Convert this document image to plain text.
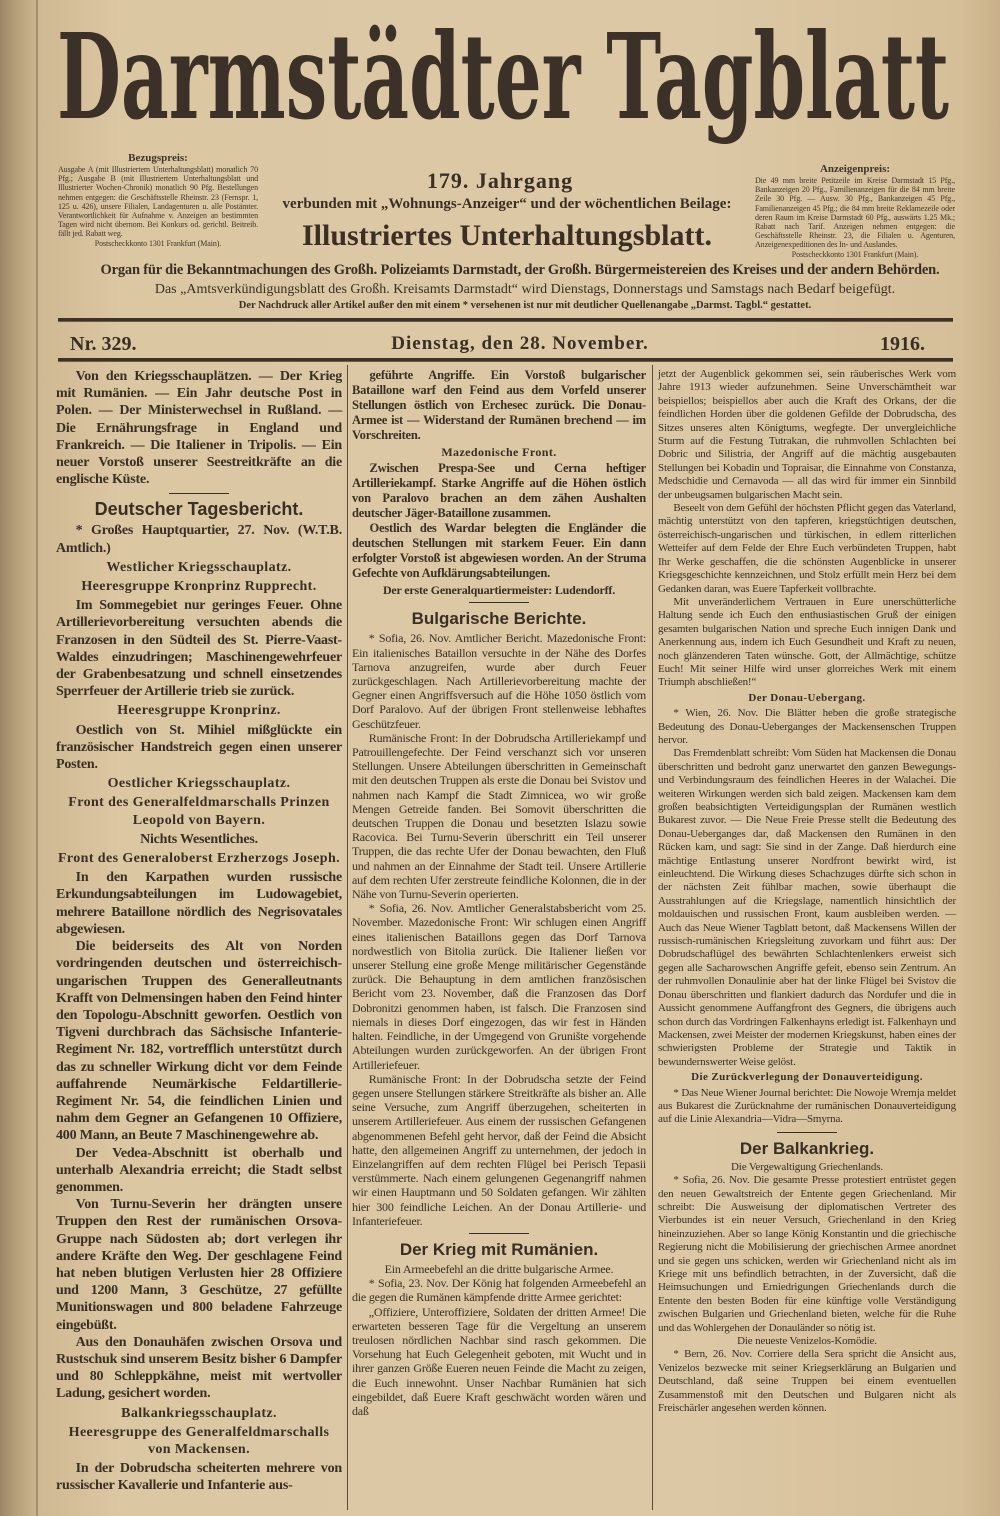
Darmstädter Tagblatt
Bezugspreis:
Ausgabe A (mit Illustriertem Unterhaltungsblatt) monatlich 70 Pfg.; Ausgabe B (mit Illustriertem Unterhaltungsblatt und Illustrierter Wochen-Chronik) monatlich 90 Pfg. Bestellungen nehmen entgegen: die Geschäftsstelle Rheinstr. 23 (Fernspr. 1, 125 u. 426), unsere Filialen, Landagenturen u. alle Postämter. Verantwortlichkeit für Aufnahme v. Anzeigen an bestimmten Tagen wird nicht übernom. Bei Konkurs od. gerichtl. Beitreib. fällt jed. Rabatt weg.
Postscheckkonto 1301 Frankfurt (Main).
Anzeigenpreis:
Die 49 mm breite Petitzeile im Kreise Darmstadt 15 Pfg., Bankanzeigen 20 Pfg., Familienanzeigen für die 84 mm breite Zeile 30 Pfg. — Ausw. 30 Pfg., Bankanzeigen 45 Pfg., Familienanzeigen 45 Pfg.; die 84 mm breite Reklamezeile oder deren Raum im Kreise Darmstadt 60 Pfg., auswärts 1.25 Mk.; Rabatt nach Tarif. Anzeigen nehmen entgegen: die Geschäftsstelle Rheinstr. 23, die Filialen u. Agenturen, Anzeigenexpeditionen des In- und Auslandes.
Postscheckkonto 1301 Frankfurt (Main).
179. Jahrgang
verbunden mit „Wohnungs-Anzeiger“ und der wöchentlichen Beilage:
Illustriertes Unterhaltungsblatt.
Organ für die Bekanntmachungen des Großh. Polizeiamts Darmstadt, der Großh. Bürgermeistereien des Kreises und der andern Behörden.
Das „Amtsverkündigungsblatt des Großh. Kreisamts Darmstadt“ wird Dienstags, Donnerstags und Samstags nach Bedarf beigefügt.
Der Nachdruck aller Artikel außer den mit einem * versehenen ist nur mit deutlicher Quellenangabe „Darmst. Tagbl.“ gestattet.
Nr. 329.	Dienstag, den 28. November.	1916.

Von den Kriegsschauplätzen. — Der Krieg mit Rumänien. — Ein Jahr deutsche Post in Polen. — Der Ministerwechsel in Rußland. — Die Ernährungsfrage in England und Frankreich. — Die Italiener in Tripolis. — Ein neuer Vorstoß unserer Seestreitkräfte an die englische Küste.

Deutscher Tagesbericht.

* Großes Hauptquartier, 27. Nov. (W.T.B. Amtlich.)

Westlicher Kriegsschauplatz.

Heeresgruppe Kronprinz Rupprecht.

Im Sommegebiet nur geringes Feuer. Ohne Artillerievorbereitung versuchten abends die Franzosen in den Südteil des St. Pierre-Vaast-Waldes einzudringen; Maschinengewehrfeuer der Grabenbesatzung und schnell einsetzendes Sperrfeuer der Artillerie trieb sie zurück.

Heeresgruppe Kronprinz.

Oestlich von St. Mihiel mißglückte ein französischer Handstreich gegen einen unserer Posten.

Oestlicher Kriegsschauplatz.

Front des Generalfeldmarschalls Prinzen Leopold von Bayern.

Nichts Wesentliches.

Front des Generaloberst Erzherzogs Joseph.

In den Karpathen wurden russische Erkundungsabteilungen im Ludowagebiet, mehrere Bataillone nördlich des Negrisovatales abgewiesen.

Die beiderseits des Alt von Norden vordringenden deutschen und österreichisch-ungarischen Truppen des Generalleutnants Krafft von Delmensingen haben den Feind hinter den Topologu-Abschnitt geworfen. Oestlich von Tigveni durchbrach das Sächsische Infanterie-Regiment Nr. 182, vortrefflich unterstützt durch das zu schneller Wirkung dicht vor dem Feinde auffahrende Neumärkische Feldartillerie-Regiment Nr. 54, die feindlichen Linien und nahm dem Gegner an Gefangenen 10 Offiziere, 400 Mann, an Beute 7 Maschinengewehre ab.

Der Vedea-Abschnitt ist oberhalb und unterhalb Alexandria erreicht; die Stadt selbst genommen.

Von Turnu-Severin her drängten unsere Truppen den Rest der rumänischen Orsova-Gruppe nach Südosten ab; dort verlegen ihr andere Kräfte den Weg. Der geschlagene Feind hat neben blutigen Verlusten hier 28 Offiziere und 1200 Mann, 3 Geschütze, 27 gefüllte Munitionswagen und 800 beladene Fahrzeuge eingebüßt.

Aus den Donauhäfen zwischen Orsova und Rustschuk sind unserem Besitz bisher 6 Dampfer und 80 Schleppkähne, meist mit wertvoller Ladung, gesichert worden.

Balkankriegsschauplatz.

Heeresgruppe des Generalfeldmarschalls von Mackensen.

In der Dobrudscha scheiterten mehrere von russischer Kavallerie und Infanterie aus-

geführte Angriffe. Ein Vorstoß bulgarischer Bataillone warf den Feind aus dem Vorfeld unserer Stellungen östlich von Erchesec zurück. Die Donau-Armee ist — Widerstand der Rumänen brechend — im Vorschreiten.

Mazedonische Front.

Zwischen Prespa-See und Cerna heftiger Artilleriekampf. Starke Angriffe auf die Höhen östlich von Paralovo brachen an dem zähen Aushalten deutscher Jäger-Bataillone zusammen.

Oestlich des Wardar belegten die Engländer die deutschen Stellungen mit starkem Feuer. Ein dann erfolgter Vorstoß ist abgewiesen worden. An der Struma Gefechte von Aufklärungsabteilungen.

Der erste Generalquartiermeister: Ludendorff.

Bulgarische Berichte.

* Sofia, 26. Nov. Amtlicher Bericht. Mazedonische Front: Ein italienisches Bataillon versuchte in der Nähe des Dorfes Tarnova anzugreifen, wurde aber durch Feuer zurückgeschlagen. Nach Artillerievorbereitung machte der Gegner einen Angriffsversuch auf die Höhe 1050 östlich vom Dorf Paralovo. Auf der übrigen Front stellenweise lebhaftes Geschützfeuer.

Rumänische Front: In der Dobrudscha Artilleriekampf und Patrouillengefechte. Der Feind verschanzt sich vor unseren Stellungen. Unsere Abteilungen überschritten in Gemeinschaft mit den deutschen Truppen als erste die Donau bei Svistov und nahmen nach Kampf die Stadt Zimnicea, wo wir große Mengen Getreide fanden. Bei Somovit überschritten die deutschen Truppen die Donau und besetzten Islazu sowie Racovica. Bei Turnu-Severin überschritt ein Teil unserer Truppen, die das rechte Ufer der Donau bewachten, den Fluß und nahmen an der Einnahme der Stadt teil. Unsere Artillerie auf dem rechten Ufer zerstreute feindliche Kolonnen, die in der Nähe von Turnu-Severin operierten.

* Sofia, 26. Nov. Amtlicher Generalstabsbericht vom 25. November. Mazedonische Front: Wir schlugen einen Angriff eines italienischen Bataillons gegen das Dorf Tarnova nordwestlich von Bitolia zurück. Die Italiener ließen vor unserer Stellung eine große Menge militärischer Gegenstände zurück. Die Behauptung in dem amtlichen französischen Bericht vom 23. November, daß die Franzosen das Dorf Dobronitzi genommen haben, ist falsch. Die Franzosen sind niemals in dieses Dorf eingezogen, das wir fest in Händen halten. Feindliche, in der Umgegend von Grunište vorgehende Abteilungen wurden zurückgeworfen. An der übrigen Front Artilleriefeuer.

Rumänische Front: In der Dobrudscha setzte der Feind gegen unsere Stellungen stärkere Streitkräfte als bisher an. Alle seine Versuche, zum Angriff überzugehen, scheiterten in unserem Artilleriefeuer. Aus einem der russischen Gefangenen abgenommenen Befehl geht hervor, daß der Feind die Absicht hatte, den allgemeinen Angriff zu unternehmen, der jedoch in Einzelangriffen auf dem rechten Flügel bei Perisch Tepasii verstümmerte. Nach einem gelungenen Gegenangriff nahmen wir einen Hauptmann und 50 Soldaten gefangen. Wir zählten hier 300 feindliche Leichen. An der Donau Artillerie- und Infanteriefeuer.

Der Krieg mit Rumänien.

Ein Armeebefehl an die dritte bulgarische Armee.

* Sofia, 23. Nov. Der König hat folgenden Armeebefehl an die gegen die Rumänen kämpfende dritte Armee gerichtet:

„Offiziere, Unteroffiziere, Soldaten der dritten Armee! Die erwarteten besseren Tage für die Vergeltung an unserem treulosen nördlichen Nachbar sind rasch gekommen. Die Vorsehung hat Euch Gelegenheit geboten, mit Wucht und in ihrer ganzen Größe Eueren neuen Feinde die Macht zu zeigen, die Euch innewohnt. Unser Nachbar Rumänien hat sich eingebildet, daß Euere Kraft geschwächt worden wären und daß

jetzt der Augenblick gekommen sei, sein räuberisches Werk vom Jahre 1913 wieder aufzunehmen. Seine Unverschämtheit war beispiellos; beispiellos aber auch die Kraft des Orkans, der die feindlichen Horden über die goldenen Gefilde der Dobrudscha, des Sitzes unseres alten Königtums, wegfegte. Der unvergleichliche Sturm auf die Festung Tutrakan, die ruhmvollen Schlachten bei Dobric und Silistria, der Angriff auf die mächtig ausgebauten Stellungen bei Kobadin und Topraisar, die Einnahme von Constanza, Medschidie und Cernavoda — all das wird für immer ein Sinnbild der unbeugsamen bulgarischen Macht sein.

Beseelt von dem Gefühl der höchsten Pflicht gegen das Vaterland, mächtig unterstützt von den tapferen, kriegstüchtigen deutschen, österreichisch-ungarischen und türkischen, in edlem ritterlichen Wetteifer auf dem Felde der Ehre Euch verbündeten Truppen, habt Ihr Werke geschaffen, die die schönsten Augenblicke in unserer Kriegsgeschichte kennzeichnen, und Stolz erfüllt mein Herz bei dem Gedanken daran, was Euere Tapferkeit vollbrachte.

Mit unveränderlichem Vertrauen in Eure unerschütterliche Haltung sende ich Euch den enthusiastischen Gruß der einigen gesamten bulgarischen Nation und spreche Euch innigen Dank und Anerkennung aus, indem ich Euch Gesundheit und Kraft zu neuen, noch glänzenderen Taten wünsche. Gott, der Allmächtige, schütze Euch! Mit seiner Hilfe wird unser glorreiches Werk mit einem Triumph abschließen!“

Der Donau-Uebergang.

* Wien, 26. Nov. Die Blätter heben die große strategische Bedeutung des Donau-Ueberganges der Mackensenschen Truppen hervor.

Das Fremdenblatt schreibt: Vom Süden hat Mackensen die Donau überschritten und bedroht ganz unerwartet den ganzen Bewegungs- und Verbindungsraum des feindlichen Heeres in der Walachei. Die weiteren Wirkungen werden sich bald zeigen. Mackensen kam dem großen beabsichtigten Verteidigungsplan der Rumänen westlich Bukarest zuvor. — Die Neue Freie Presse stellt die Bedeutung des Donau-Ueberganges dar, daß Mackensen den Rumänen in den Rücken kam, und sagt: Sie sind in der Zange. Daß hierdurch eine mächtige Entlastung unserer Nordfront bewirkt wird, ist einleuchtend. Die Wirkung dieses Schachzuges dürfte sich schon in der nächsten Zeit fühlbar machen, sowie überhaupt die Ausstrahlungen auf die Kriegslage, namentlich hinsichtlich der moldauischen und russischen Front, kaum ausbleiben werden. — Auch das Neue Wiener Tagblatt betont, daß Mackensens Willen der russisch-rumänischen Kriegsleitung zuvorkam und führt aus: Der Dobrudschaflügel des bewährten Schlachtenlenkers erweist sich gegen alle Sacharowschen Angriffe gefeit, ebenso sein Zentrum. An der ruhmvollen Donaulinie aber hat der linke Flügel bei Svistov die Donau überschritten und flankiert dadurch das Nordufer und die in Aussicht genommene Auffangfront des Gegners, die übrigens auch schon durch das Vordringen Falkenhayns erledigt ist. Falkenhayn und Mackensen, zwei Meister der modernen Kriegskunst, haben eines der schwierigsten Probleme der Strategie und Taktik in bewundernswerter Weise gelöst.

Die Zurückverlegung der Donauverteidigung.

* Das Neue Wiener Journal berichtet: Die Nowoje Wremja meldet aus Bukarest die Zurücknahme der rumänischen Donauverteidigung auf die Linie Alexandria—Vidra—Smyrna.

Der Balkankrieg.

Die Vergewaltigung Griechenlands.

* Sofia, 26. Nov. Die gesamte Presse protestiert entrüstet gegen den neuen Gewaltstreich der Entente gegen Griechenland. Mir schreibt: Die Ausweisung der diplomatischen Vertreter des Vierbundes ist ein neuer Versuch, Griechenland in den Krieg hineinzuziehen. Aber so lange König Konstantin und die griechische Regierung nicht die Mobilisierung der griechischen Armee anordnet und sie gegen uns schicken, werden wir Griechenland nicht als im Kriege mit uns befindlich betrachten, in der Zuversicht, daß die Heimsuchungen und Erniedrigungen Griechenlands durch die Entente den besten Boden für eine künftige volle Verständigung zwischen Bulgarien und Griechenland bieten, welche für die Ruhe und das Wohlergehen der Donauländer so nötig ist.

Die neueste Venizelos-Komödie.

* Bern, 26. Nov. Corriere della Sera spricht die Ansicht aus, Venizelos bezwecke mit seiner Kriegserklärung an Bulgarien und Deutschland, daß seine Truppen bei einem eventuellen Zusammenstoß mit den Deutschen und Bulgaren nicht als Freischärler angesehen werden können.
